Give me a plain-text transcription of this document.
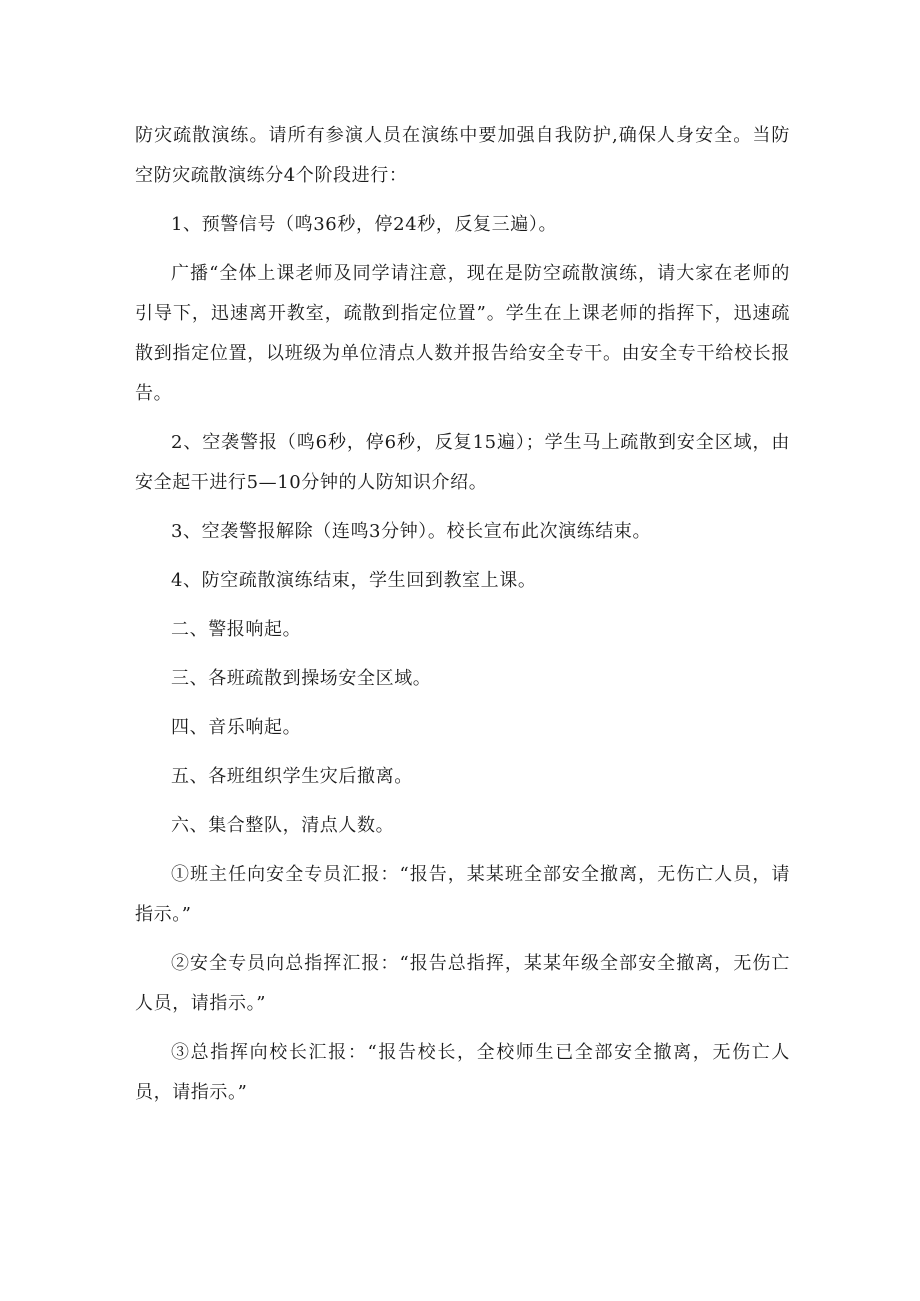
防灾疏散演练。请所有参演人员在演练中要加强自我防护,确保人身安全。当防空防灾疏散演练分4个阶段进行：

1、预警信号（鸣36秒，停24秒，反复三遍）。

广播“全体上课老师及同学请注意，现在是防空疏散演练，请大家在老师的引导下，迅速离开教室，疏散到指定位置”。学生在上课老师的指挥下，迅速疏散到指定位置，以班级为单位清点人数并报告给安全专干。由安全专干给校长报告。

2、空袭警报（鸣6秒，停6秒，反复15遍）；学生马上疏散到安全区域，由安全起干进行5—10分钟的人防知识介绍。

3、空袭警报解除（连鸣3分钟）。校长宣布此次演练结束。

4、防空疏散演练结束，学生回到教室上课。

二、警报响起。

三、各班疏散到操场安全区域。

四、音乐响起。

五、各班组织学生灾后撤离。

六、集合整队，清点人数。

①班主任向安全专员汇报：“报告，某某班全部安全撤离，无伤亡人员，请指示。”

②安全专员向总指挥汇报：“报告总指挥，某某年级全部安全撤离，无伤亡人员，请指示。”

③总指挥向校长汇报：“报告校长，全校师生已全部安全撤离，无伤亡人员，请指示。”
